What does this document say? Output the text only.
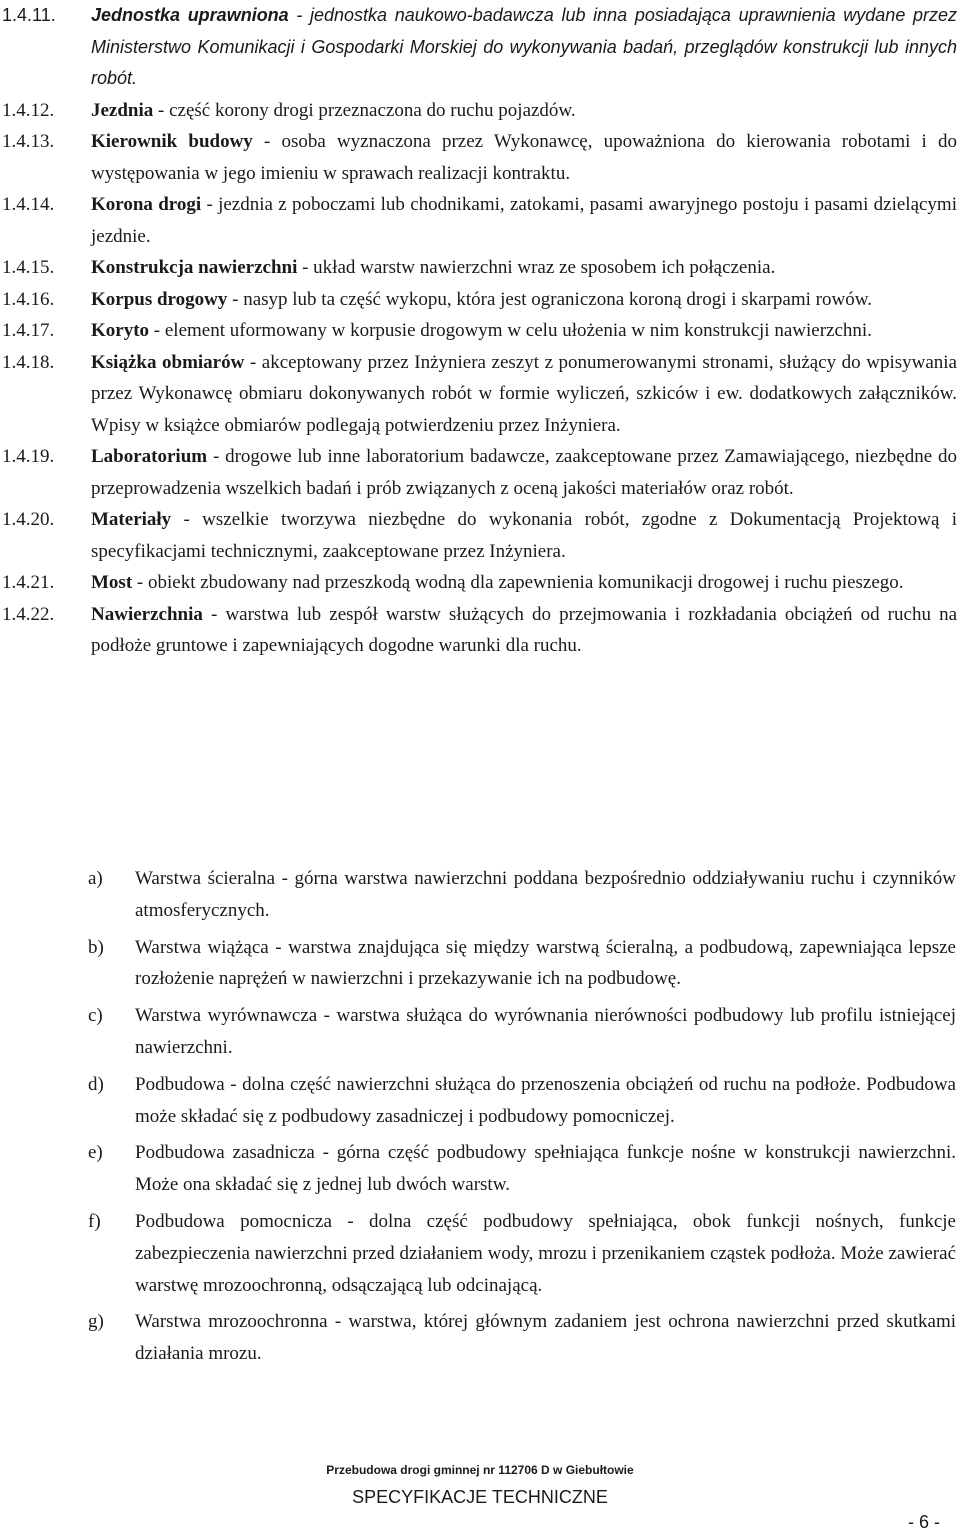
1.4.11.	Jednostka uprawniona - jednostka naukowo-badawcza lub inna posiadająca uprawnienia wydane przez Ministerstwo Komunikacji i Gospodarki Morskiej do wykonywania badań, przeglądów konstrukcji lub innych robót.
1.4.12.	Jezdnia - część korony drogi przeznaczona do ruchu pojazdów.
1.4.13.	Kierownik budowy - osoba wyznaczona przez Wykonawcę, upoważniona do kierowania robotami i do występowania w jego imieniu w sprawach realizacji kontraktu.
1.4.14.	Korona drogi - jezdnia z poboczami lub chodnikami, zatokami, pasami awaryjnego postoju i pasami dzielącymi jezdnie.
1.4.15.	Konstrukcja nawierzchni - układ warstw nawierzchni wraz ze sposobem ich połączenia.
1.4.16.	Korpus drogowy - nasyp lub ta część wykopu, która jest ograniczona koroną drogi i skarpami rowów.
1.4.17.	Koryto - element uformowany w korpusie drogowym w celu ułożenia w nim konstrukcji nawierzchni.
1.4.18.	Książka obmiarów - akceptowany przez Inżyniera zeszyt z ponumerowanymi stronami, służący do wpisywania przez Wykonawcę obmiaru dokonywanych robót w formie wyliczeń, szkiców i ew. dodatkowych załączników. Wpisy w książce obmiarów podlegają potwierdzeniu przez Inżyniera.
1.4.19.	Laboratorium - drogowe lub inne laboratorium badawcze, zaakceptowane przez Zamawiającego, niezbędne do przeprowadzenia wszelkich badań i prób związanych z oceną jakości materiałów oraz robót.
1.4.20.	Materiały - wszelkie tworzywa niezbędne do wykonania robót, zgodne z Dokumentacją Projektową i specyfikacjami technicznymi, zaakceptowane przez Inżyniera.
1.4.21.	Most - obiekt zbudowany nad przeszkodą wodną dla zapewnienia komunikacji drogowej i ruchu pieszego.
1.4.22.	Nawierzchnia - warstwa lub zespół warstw służących do przejmowania i rozkładania obciążeń od ruchu na podłoże gruntowe i zapewniających dogodne warunki dla ruchu.
a)	Warstwa ścieralna - górna warstwa nawierzchni poddana bezpośrednio oddziaływaniu ruchu i czynników atmosferycznych.
b)	Warstwa wiążąca - warstwa znajdująca się między warstwą ścieralną, a podbudową, zapewniająca lepsze rozłożenie naprężeń w nawierzchni i przekazywanie ich na podbudowę.
c)	Warstwa wyrównawcza - warstwa służąca do wyrównania nierówności podbudowy lub profilu istniejącej nawierzchni.
d)	Podbudowa - dolna część nawierzchni służąca do przenoszenia obciążeń od ruchu na podłoże. Podbudowa może składać się z podbudowy zasadniczej i podbudowy pomocniczej.
e)	Podbudowa zasadnicza - górna część podbudowy spełniająca funkcje nośne w konstrukcji nawierzchni. Może ona składać się z jednej lub dwóch warstw.
f)	Podbudowa pomocnicza - dolna część podbudowy spełniająca, obok funkcji nośnych, funkcje zabezpieczenia nawierzchni przed działaniem wody, mrozu i przenikaniem cząstek podłoża. Może zawierać warstwę mrozoochronną, odsączającą lub odcinającą.
g)	Warstwa mrozoochronna - warstwa, której głównym zadaniem jest ochrona nawierzchni przed skutkami działania mrozu.
Przebudowa drogi gminnej nr 112706 D w Giebułtowie
SPECYFIKACJE TECHNICZNE
- 6 -
